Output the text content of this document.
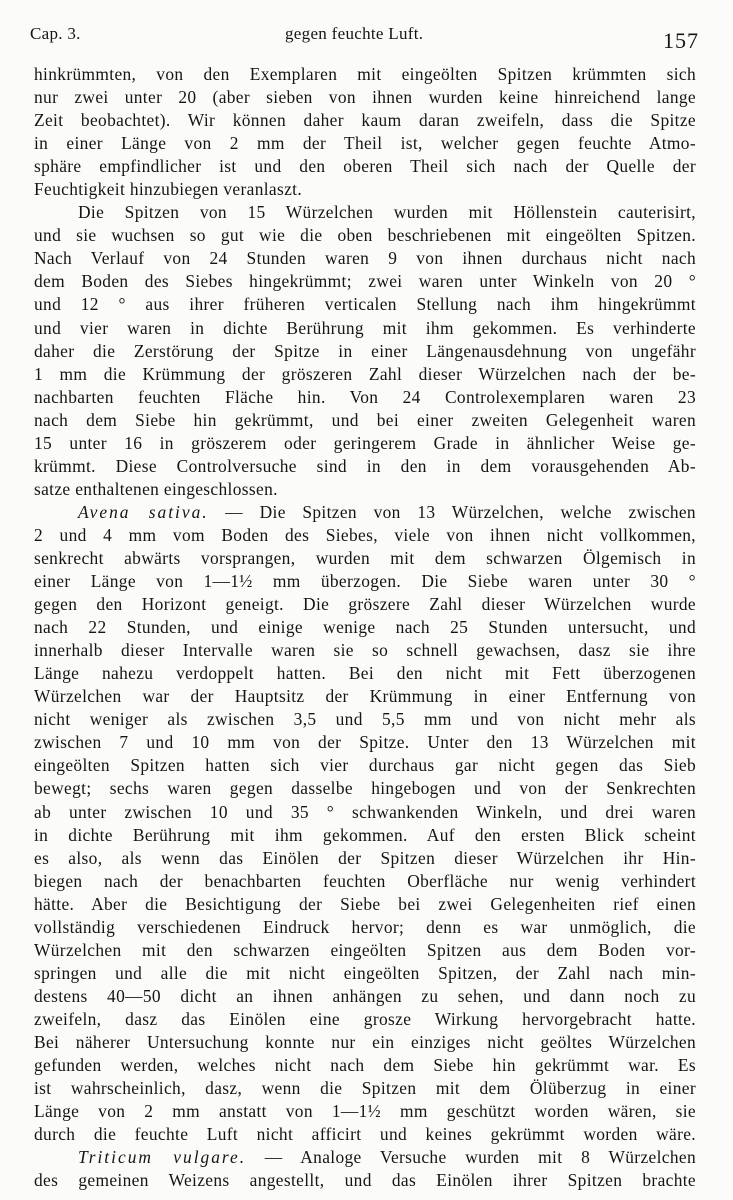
Cap. 3.	gegen feuchte Luft.	157
hinkrümmten, von den Exemplaren mit eingeölten Spitzen krümmten sich
nur zwei unter 20 (aber sieben von ihnen wurden keine hinreichend lange
Zeit beobachtet). Wir können daher kaum daran zweifeln, dass die Spitze
in einer Länge von 2 mm der Theil ist, welcher gegen feuchte Atmo-
sphäre empfindlicher ist und den oberen Theil sich nach der Quelle der
Feuchtigkeit hinzubiegen veranlaszt.
Die Spitzen von 15 Würzelchen wurden mit Höllenstein cauterisirt,
und sie wuchsen so gut wie die oben beschriebenen mit eingeölten Spitzen.
Nach Verlauf von 24 Stunden waren 9 von ihnen durchaus nicht nach
dem Boden des Siebes hingekrümmt; zwei waren unter Winkeln von 20 °
und 12 ° aus ihrer früheren verticalen Stellung nach ihm hingekrümmt
und vier waren in dichte Berührung mit ihm gekommen. Es verhinderte
daher die Zerstörung der Spitze in einer Längenausdehnung von ungefähr
1 mm die Krümmung der gröszeren Zahl dieser Würzelchen nach der be-
nachbarten feuchten Fläche hin. Von 24 Controlexemplaren waren 23
nach dem Siebe hin gekrümmt, und bei einer zweiten Gelegenheit waren
15 unter 16 in gröszerem oder geringerem Grade in ähnlicher Weise ge-
krümmt. Diese Controlversuche sind in den in dem vorausgehenden Ab-
satze enthaltenen eingeschlossen.
Avena sativa. — Die Spitzen von 13 Würzelchen, welche zwischen
2 und 4 mm vom Boden des Siebes, viele von ihnen nicht vollkommen,
senkrecht abwärts vorsprangen, wurden mit dem schwarzen Ölgemisch in
einer Länge von 1—1½ mm überzogen. Die Siebe waren unter 30 °
gegen den Horizont geneigt. Die gröszere Zahl dieser Würzelchen wurde
nach 22 Stunden, und einige wenige nach 25 Stunden untersucht, und
innerhalb dieser Intervalle waren sie so schnell gewachsen, dasz sie ihre
Länge nahezu verdoppelt hatten. Bei den nicht mit Fett überzogenen
Würzelchen war der Hauptsitz der Krümmung in einer Entfernung von
nicht weniger als zwischen 3,5 und 5,5 mm und von nicht mehr als
zwischen 7 und 10 mm von der Spitze. Unter den 13 Würzelchen mit
eingeölten Spitzen hatten sich vier durchaus gar nicht gegen das Sieb
bewegt; sechs waren gegen dasselbe hingebogen und von der Senkrechten
ab unter zwischen 10 und 35 ° schwankenden Winkeln, und drei waren
in dichte Berührung mit ihm gekommen. Auf den ersten Blick scheint
es also, als wenn das Einölen der Spitzen dieser Würzelchen ihr Hin-
biegen nach der benachbarten feuchten Oberfläche nur wenig verhindert
hätte. Aber die Besichtigung der Siebe bei zwei Gelegenheiten rief einen
vollständig verschiedenen Eindruck hervor; denn es war unmöglich, die
Würzelchen mit den schwarzen eingeölten Spitzen aus dem Boden vor-
springen und alle die mit nicht eingeölten Spitzen, der Zahl nach min-
destens 40—50 dicht an ihnen anhängen zu sehen, und dann noch zu
zweifeln, dasz das Einölen eine grosze Wirkung hervorgebracht hatte.
Bei näherer Untersuchung konnte nur ein einziges nicht geöltes Würzelchen
gefunden werden, welches nicht nach dem Siebe hin gekrümmt war. Es
ist wahrscheinlich, dasz, wenn die Spitzen mit dem Ölüberzug in einer
Länge von 2 mm anstatt von 1—1½ mm geschützt worden wären, sie
durch die feuchte Luft nicht afficirt und keines gekrümmt worden wäre.
Triticum vulgare. — Analoge Versuche wurden mit 8 Würzelchen
des gemeinen Weizens angestellt, und das Einölen ihrer Spitzen brachte
